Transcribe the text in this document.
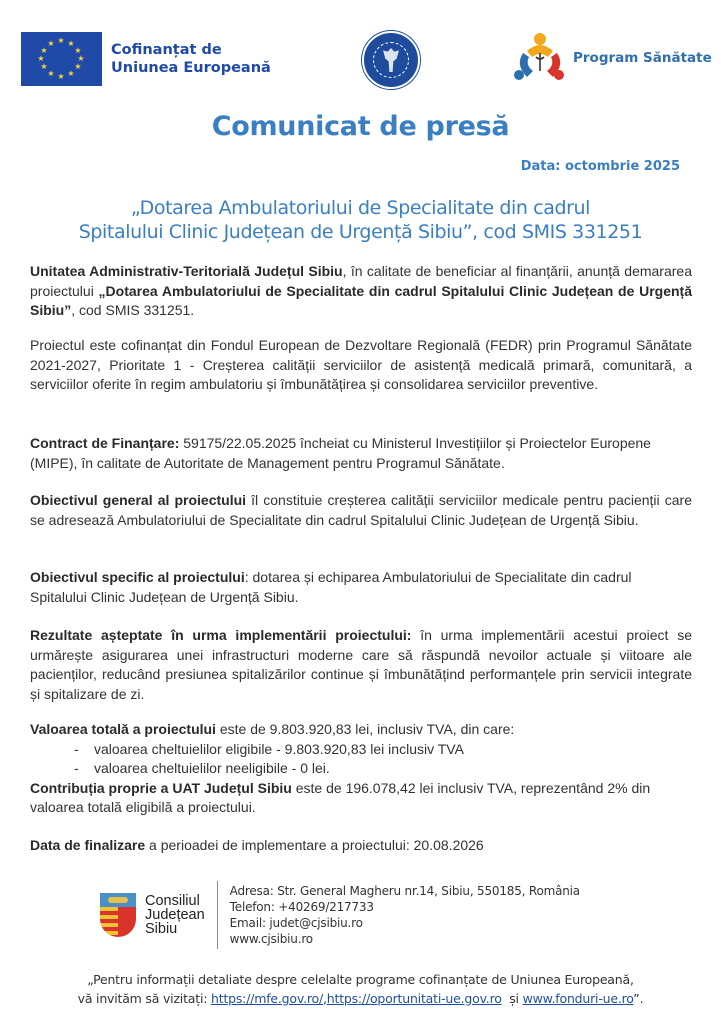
★ ★
★
★
★
★
★
★
★
★
★
★	Cofinanțat de
Uniunea Europeană
Program Sănătate
Comunicat de presă
Data: octombrie 2025
„Dotarea Ambulatoriului de Specialitate din cadrul
Spitalului Clinic Județean de Urgență Sibiu”, cod SMIS 331251

Unitatea Administrativ-Teritorială Județul Sibiu, în calitate de beneficiar al finanțării, anunță demararea proiectului „Dotarea Ambulatoriului de Specialitate din cadrul Spitalului Clinic Județean de Urgență Sibiu”, cod SMIS 331251.

Proiectul este cofinanțat din Fondul European de Dezvoltare Regională (FEDR) prin Programul Sănătate 2021-2027, Prioritate 1 - Creșterea calității serviciilor de asistență medicală primară, comunitară, a serviciilor oferite în regim ambulatoriu și îmbunătățirea și consolidarea serviciilor preventive.

Contract de Finanțare: 59175/22.05.2025 încheiat cu Ministerul Investițiilor și Proiectelor Europene (MIPE), în calitate de Autoritate de Management pentru Programul Sănătate.

Obiectivul general al proiectului îl constituie creșterea calității serviciilor medicale pentru pacienții care se adresează Ambulatoriului de Specialitate din cadrul Spitalului Clinic Județean de Urgență Sibiu.

Obiectivul specific al proiectului: dotarea și echiparea Ambulatoriului de Specialitate din cadrul Spitalului Clinic Județean de Urgență Sibiu.

Rezultate așteptate în urma implementării proiectului: în urma implementării acestui proiect se urmărește asigurarea unei infrastructuri moderne care să răspundă nevoilor actuale și viitoare ale pacienților, reducând presiunea spitalizărilor continue și îmbunătățind performanțele prin servicii integrate și spitalizare de zi.

Valoarea totală a proiectului este de 9.803.920,83 lei, inclusiv TVA, din care:
- valoarea cheltuielilor eligibile - 9.803.920,83 lei inclusiv TVA
- valoarea cheltuielilor neeligibile - 0 lei.
Contribuția proprie a UAT Județul Sibiu este de 196.078,42 lei inclusiv TVA, reprezentând 2% din valoarea totală eligibilă a proiectului.

Data de finalizare a perioadei de implementare a proiectului: 20.08.2026

Consiliul
Județean
Sibiu
Adresa: Str. General Magheru nr.14, Sibiu, 550185, România
Telefon: +40269/217733
Email: judet@cjsibiu.ro
www.cjsibiu.ro
„Pentru informații detaliate despre celelalte programe cofinanțate de Uniunea Europeană,
vă invităm să vizitați: https://mfe.gov.ro/,https://oportunitati-ue.gov.ro  și www.fonduri-ue.ro”.
